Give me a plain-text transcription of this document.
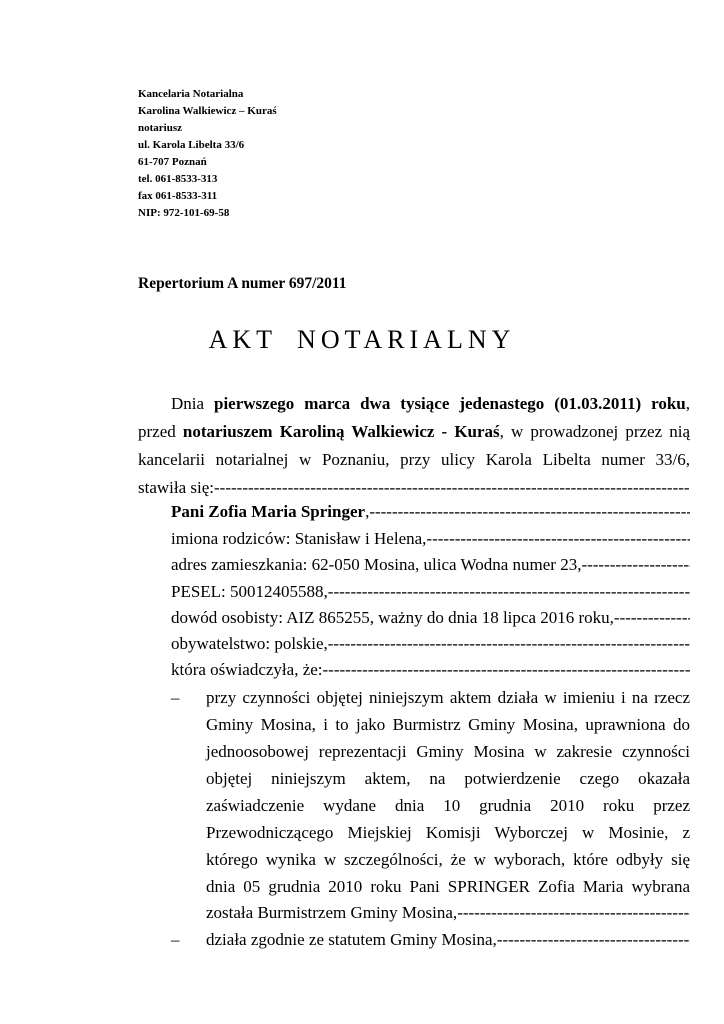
Kancelaria Notarialna
Karolina Walkiewicz – Kuraś
notariusz
ul. Karola Libelta 33/6
61-707 Poznań
tel. 061-8533-313
fax 061-8533-311
NIP: 972-101-69-58
Repertorium A numer 697/2011
AKT NOTARIALNY
Dnia pierwszego marca dwa tysiące jedenastego (01.03.2011) roku,
przed notariuszem Karoliną Walkiewicz - Kuraś, w prowadzonej przez nią
kancelarii notarialnej w Poznaniu, przy ulicy Karola Libelta numer 33/6,
stawiła się:
-----
Pani Zofia Maria Springer ,
-----
imiona rodziców: Stanisław i Helena,
-----
adres zamieszkania: 62-050 Mosina, ulica Wodna numer 23,
-----
PESEL: 50012405588,
-----
dowód osobisty: AIZ 865255, ważny do dnia 18 lipca 2016 roku,
-----
obywatelstwo: polskie,
-----
która oświadczyła, że:
-----
– przy czynności objętej niniejszym aktem działa w imieniu i na rzecz
Gminy Mosina, i to jako Burmistrz Gminy Mosina, uprawniona do
jednoosobowej reprezentacji Gminy Mosina w zakresie czynności
objętej niniejszym aktem, na potwierdzenie czego okazała
zaświadczenie wydane dnia 10 grudnia 2010 roku przez
Przewodniczącego Miejskiej Komisji Wyborczej w Mosinie, z
którego wynika w szczególności, że w wyborach, które odbyły się
dnia 05 grudnia 2010 roku Pani SPRINGER Zofia Maria wybrana
została Burmistrzem Gminy Mosina,
-----
– działa zgodnie ze statutem Gminy Mosina,
-----
